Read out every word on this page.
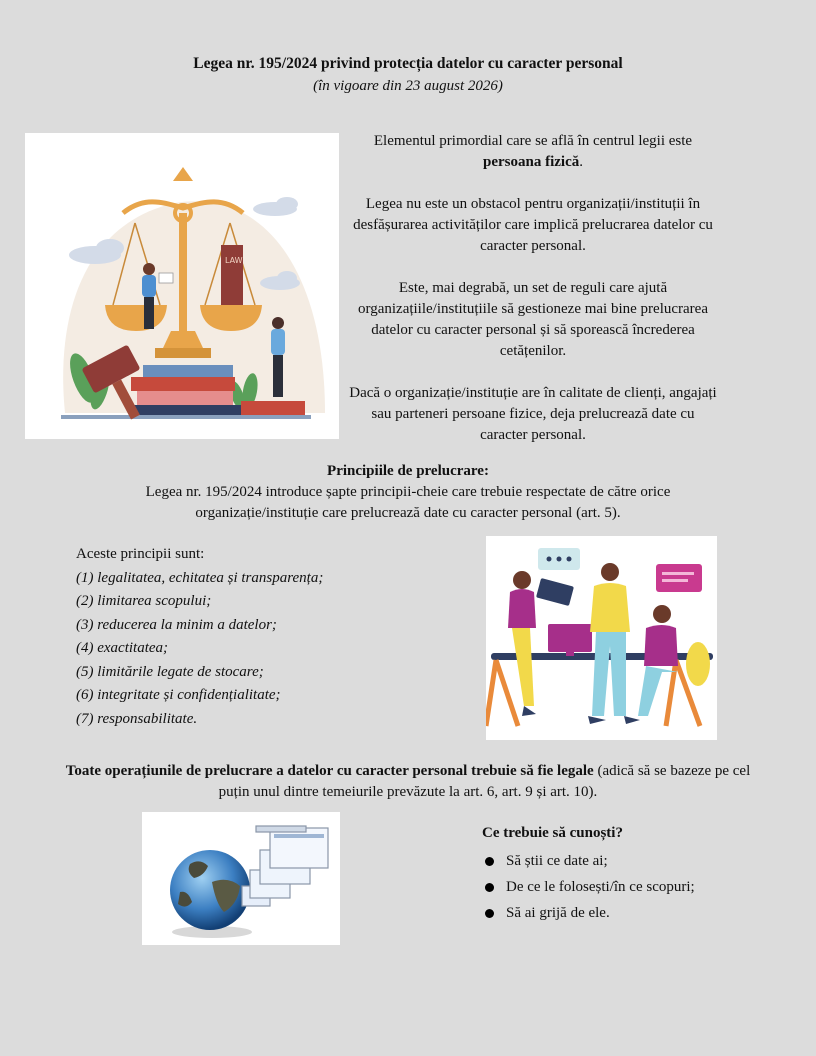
Legea nr. 195/2024 privind protecția datelor cu caracter personal
(în vigoare din 23 august 2026)
LAW

Elementul primordial care se află în centrul legii este persoana fizică.

Legea nu este un obstacol pentru organizații/instituții în desfășurarea activităților care implică prelucrarea datelor cu caracter personal.

Este, mai degrabă, un set de reguli care ajută organizațiile/instituțiile să gestioneze mai bine prelucrarea datelor cu caracter personal și să sporească încrederea cetățenilor.

Dacă o organizație/instituție are în calitate de clienți, angajați sau parteneri persoane fizice, deja prelucrează date cu caracter personal.

Principiile de prelucrare:
Legea nr. 195/2024 introduce șapte principii-cheie care trebuie respectate de către orice organizație/instituție care prelucrează date cu caracter personal (art. 5).
Aceste principii sunt:
(1) legalitatea, echitatea și transparența;
(2) limitarea scopului;
(3) reducerea la minim a datelor;
(4) exactitatea;
(5) limitările legate de stocare;
(6) integritate și confidențialitate;
(7) responsabilitate.
Toate operațiunile de prelucrare a datelor cu caracter personal trebuie să fie legale (adică să se bazeze pe cel puțin unul dintre temeiurile prevăzute la art. 6, art. 9 și art. 10).
Ce trebuie să cunoști?
Să știi ce date ai;
De ce le folosești/în ce scopuri;
Să ai grijă de ele.
